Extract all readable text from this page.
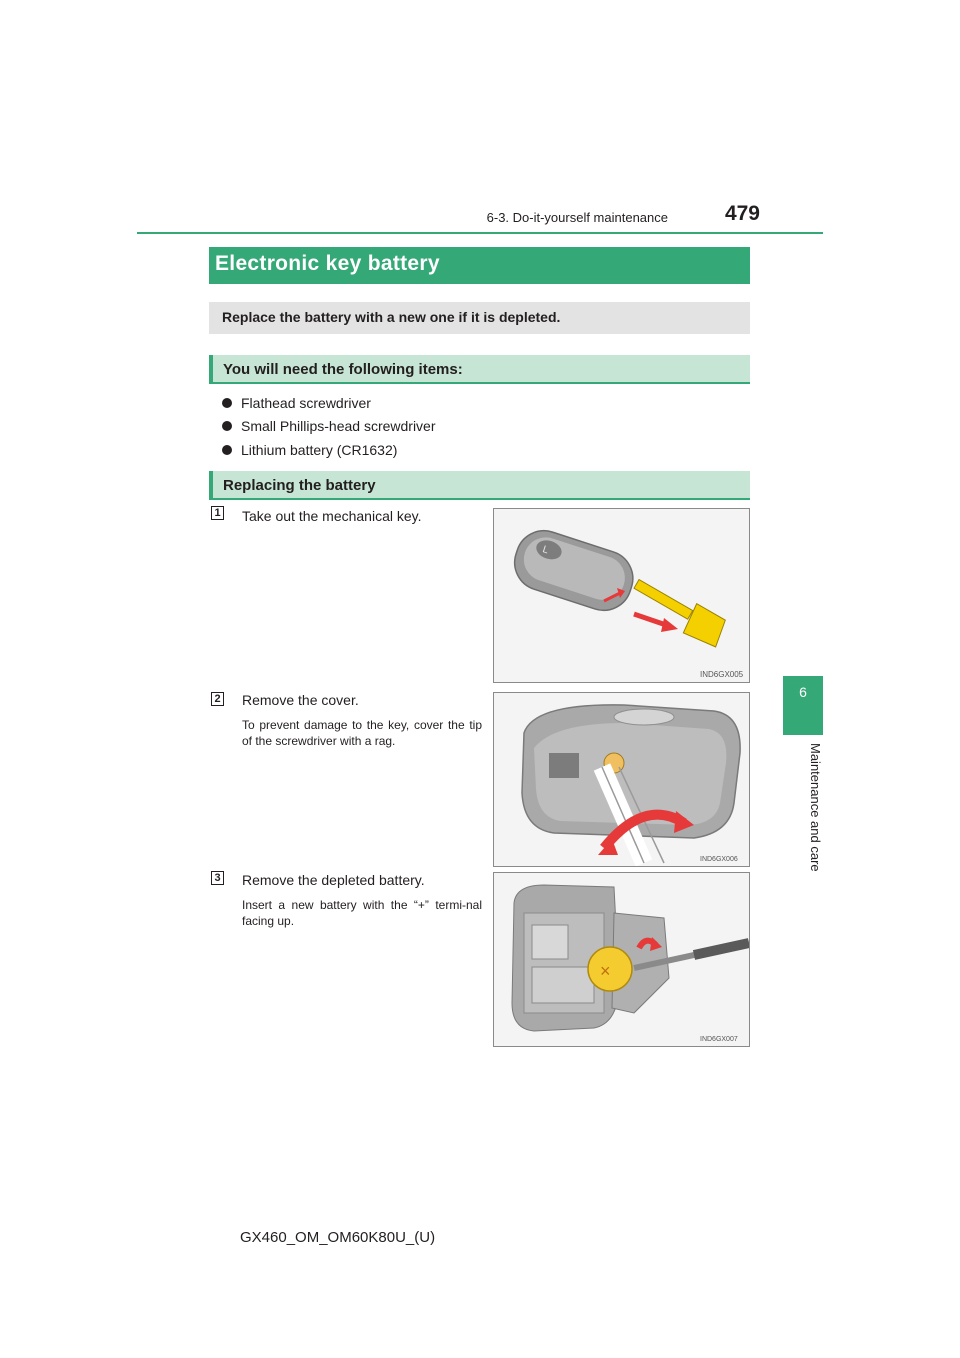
6-3. Do-it-yourself maintenance	479
6
Maintenance and care
Electronic key battery
Replace the battery with a new one if it is depleted.
You will need the following items:
Flathead screwdriver
Small Phillips-head screwdriver
Lithium battery (CR1632)
Replacing the battery
1 Take out the mechanical key.
L
IND6GX005
2 Remove the cover.
To prevent damage to the key, cover the tip of the screwdriver with a rag.
IND6GX006
3 Remove the depleted battery.
Insert a new battery with the “+” termi-nal facing up.
×
IND6GX007
GX460_OM_OM60K80U_(U)
